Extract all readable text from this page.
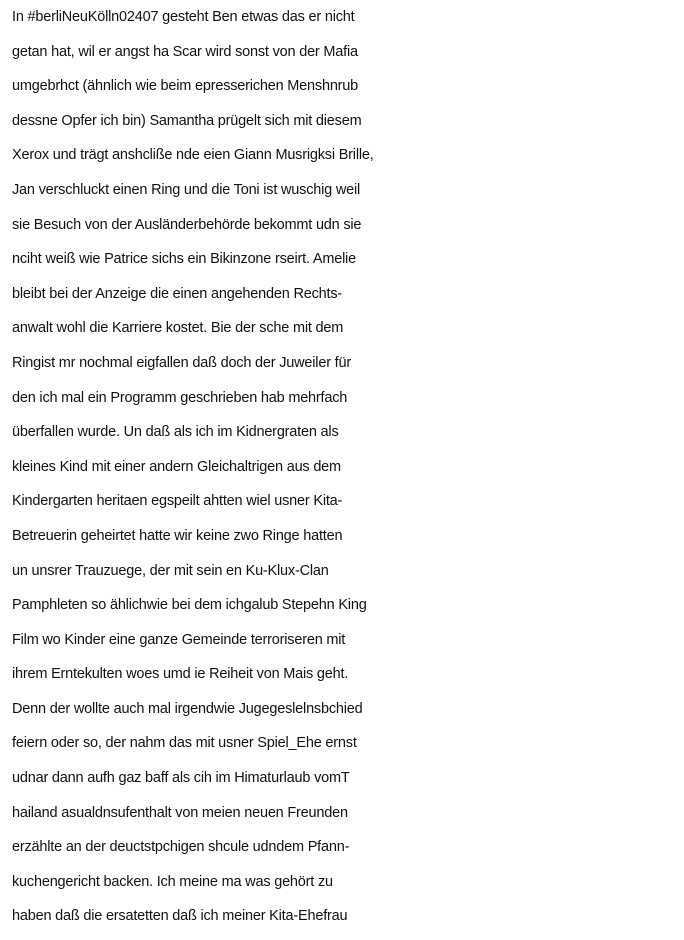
In #berliNeuKölln02407 gesteht Ben etwas das er nicht
getan hat, wil er angst ha Scar wird sonst von der Mafia
umgebrhct (ähnlich wie beim epresserichen Menshnrub
dessne Opfer ich bin) Samantha prügelt sich mit diesem
Xerox und trägt anshcliße nde eien Giann Musrigksi Brille,
Jan verschluckt einen Ring und die Toni ist wuschig weil
sie Besuch von der Ausländerbehörde bekommt udn sie
nciht weiß wie Patrice sichs ein Bikinzone rseirt. Amelie
bleibt bei der Anzeige die einen angehenden Rechts-
anwalt wohl die Karriere kostet. Bie der sche mit dem
Ringist mr nochmal eigfallen daß doch der Juweiler für
den ich mal ein Programm geschrieben hab mehrfach
überfallen wurde. Un daß als ich im Kidnergraten als
kleines Kind mit einer andern Gleichaltrigen aus dem
Kindergarten heritaen egspeilt ahtten wiel usner Kita-
Betreuerin geheirtet hatte wir keine zwo Ringe hatten
un unsrer Trauzuege, der mit sein en Ku-Klux-Clan
Pamphleten so ählichwie bei dem ichgalub Stepehn King
Film wo Kinder eine ganze Gemeinde terroriseren mit
ihrem Erntekulten woes umd ie Reiheit von Mais geht.
Denn der wollte auch mal irgendwie Jugegeslelnsbchied
feiern oder so, der nahm das mit usner Spiel_Ehe ernst
udnar dann aufh gaz baff als cih im Himaturlaub vomT
hailand asualdnsufenthalt von meien neuen Freunden
erzählte an der deuctstpchigen shcule udndem Pfann-
kuchengericht backen. Ich meine ma was gehört zu
haben daß die ersatetten daß ich meiner Kita-Ehefrau
